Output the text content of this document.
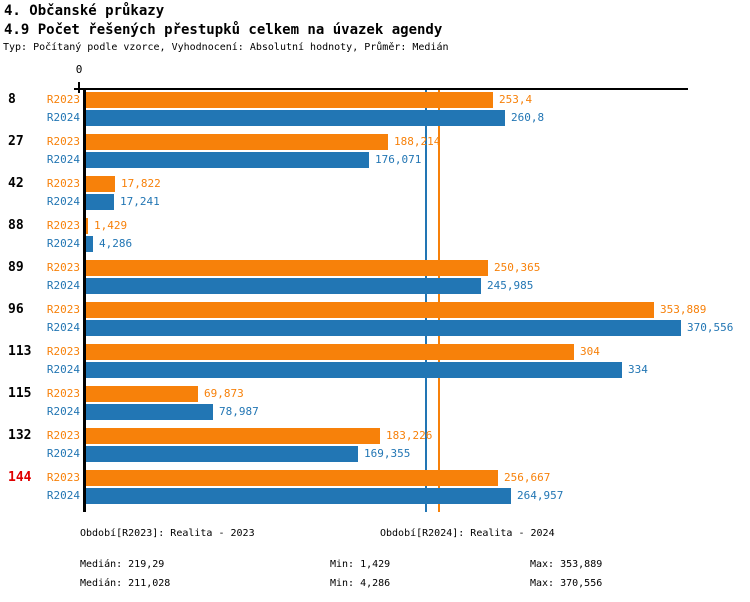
4. Občanské průkazy
4.9 Počet řešených přestupků celkem na úvazek agendy
Typ: Počítaný podle vzorce, Vyhodnocení: Absolutní hodnoty, Průměr: Medián
0
8	R2023	253,4
R2024	260,8
27	R2023	188,214
R2024	176,071
42	R2023	17,822
R2024	17,241
88	R2023 1,429
R2024 4,286
89	R2023	250,365
R2024	245,985
96	R2023	353,889
R2024	370,556
113	R2023	304
R2024	334
115	R2023	69,873
R2024	78,987
132	R2023	183,226
R2024	169,355
144	R2023	256,667
R2024	264,957
Období[R2023]: Realita - 2023	Období[R2024]: Realita - 2024
Medián: 219,29	Min: 1,429	Max: 353,889
Medián: 211,028	Min: 4,286	Max: 370,556
